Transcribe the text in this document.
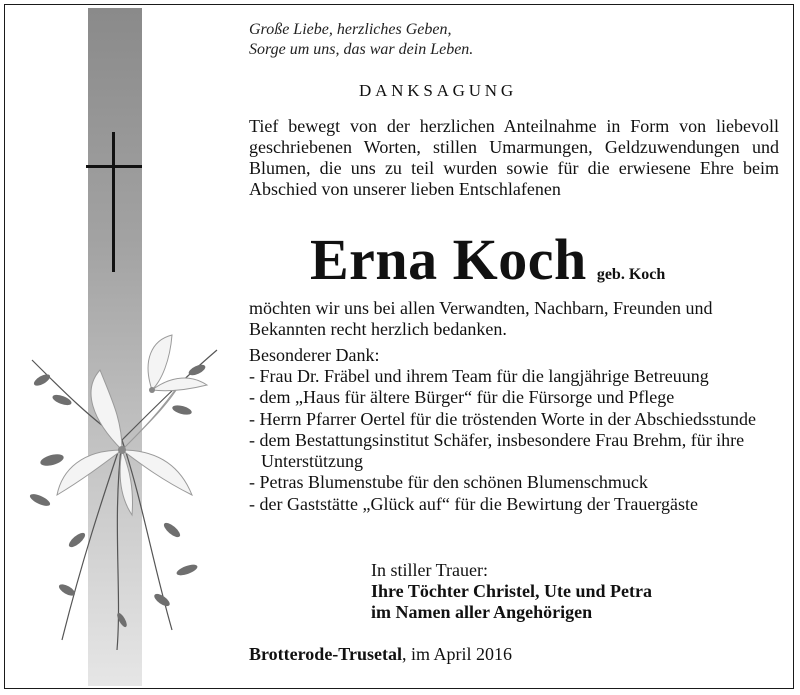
Große Liebe, herzliches Geben,
Sorge um uns, das war dein Leben.

DANKSAGUNG

Tief bewegt von der herzlichen Anteilnahme in Form von liebevoll geschriebenen Worten, stillen Umarmungen, Geldzuwendungen und Blumen, die uns zu teil wurden sowie für die erwiesene Ehre beim Abschied von unserer lieben Entschlafenen

Erna Koch geb. Koch

möchten wir uns bei allen Verwandten, Nachbarn, Freunden und Bekannten recht herzlich bedanken.

Besonderer Dank:

- Frau Dr. Fräbel und ihrem Team für die langjährige Betreuung
- dem „Haus für ältere Bürger“ für die Fürsorge und Pflege
- Herrn Pfarrer Oertel für die tröstenden Worte in der Abschiedsstunde
- dem Bestattungsinstitut Schäfer, insbesondere Frau Brehm, für ihre Unterstützung
- Petras Blumenstube für den schönen Blumenschmuck
- der Gaststätte „Glück auf“ für die Bewirtung der Trauergäste
In stiller Trauer:
Ihre Töchter Christel, Ute und Petra
im Namen aller Angehörigen
Brotterode-Trusetal, im April 2016
